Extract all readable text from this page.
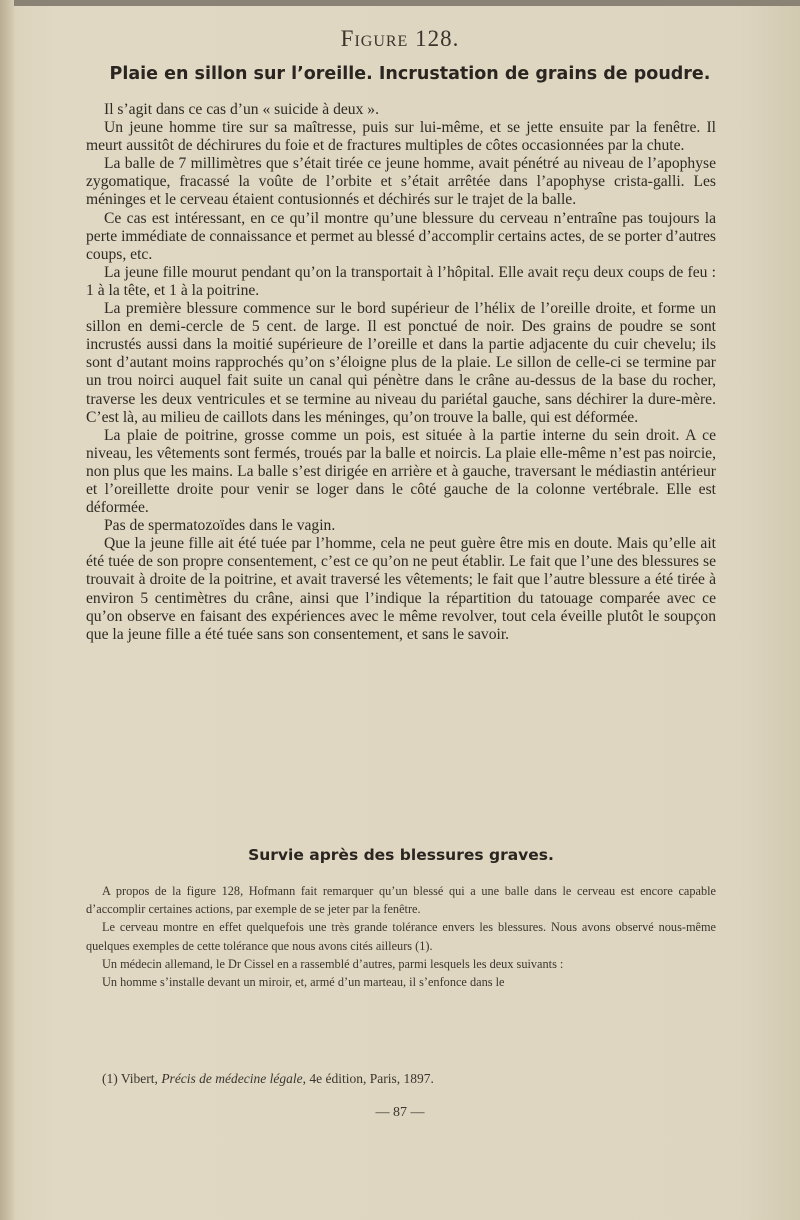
Figure 128.
Plaie en sillon sur l’oreille. Incrustation de grains de poudre.

Il s’agit dans ce cas d’un « suicide à deux ».

Un jeune homme tire sur sa maîtresse, puis sur lui-même, et se jette ensuite par la fenêtre. Il meurt aussitôt de déchirures du foie et de fractures multiples de côtes occasionnées par la chute.

La balle de 7 millimètres que s’était tirée ce jeune homme, avait pénétré au niveau de l’apophyse zygomatique, fracassé la voûte de l’orbite et s’était arrêtée dans l’apophyse crista-galli. Les méninges et le cerveau étaient contusionnés et déchirés sur le trajet de la balle.

Ce cas est intéressant, en ce qu’il montre qu’une blessure du cerveau n’entraîne pas toujours la perte immédiate de connaissance et permet au blessé d’accomplir certains actes, de se porter d’autres coups, etc.

La jeune fille mourut pendant qu’on la transportait à l’hôpital. Elle avait reçu deux coups de feu : 1 à la tête, et 1 à la poitrine.

La première blessure commence sur le bord supérieur de l’hélix de l’oreille droite, et forme un sillon en demi-cercle de 5 cent. de large. Il est ponctué de noir. Des grains de poudre se sont incrustés aussi dans la moitié supérieure de l’oreille et dans la partie adjacente du cuir chevelu; ils sont d’autant moins rapprochés qu’on s’éloigne plus de la plaie. Le sillon de celle-ci se termine par un trou noirci auquel fait suite un canal qui pénètre dans le crâne au-dessus de la base du rocher, traverse les deux ventricules et se termine au niveau du pariétal gauche, sans déchirer la dure-mère. C’est là, au milieu de caillots dans les méninges, qu’on trouve la balle, qui est déformée.

La plaie de poitrine, grosse comme un pois, est située à la partie interne du sein droit. A ce niveau, les vêtements sont fermés, troués par la balle et noircis. La plaie elle-même n’est pas noircie, non plus que les mains. La balle s’est dirigée en arrière et à gauche, traversant le médiastin antérieur et l’oreillette droite pour venir se loger dans le côté gauche de la colonne vertébrale. Elle est déformée.

Pas de spermatozoïdes dans le vagin.

Que la jeune fille ait été tuée par l’homme, cela ne peut guère être mis en doute. Mais qu’elle ait été tuée de son propre consentement, c’est ce qu’on ne peut établir. Le fait que l’une des blessures se trouvait à droite de la poitrine, et avait traversé les vêtements; le fait que l’autre blessure a été tirée à environ 5 centimètres du crâne, ainsi que l’indique la répartition du tatouage comparée avec ce qu’on observe en faisant des expériences avec le même revolver, tout cela éveille plutôt le soupçon que la jeune fille a été tuée sans son consentement, et sans le savoir.

Survie après des blessures graves.

A propos de la figure 128, Hofmann fait remarquer qu’un blessé qui a une balle dans le cerveau est encore capable d’accomplir certaines actions, par exemple de se jeter par la fenêtre.

Le cerveau montre en effet quelquefois une très grande tolérance envers les blessures. Nous avons observé nous-même quelques exemples de cette tolérance que nous avons cités ailleurs (1).

Un médecin allemand, le Dr Cissel en a rassemblé d’autres, parmi lesquels les deux suivants :

Un homme s’installe devant un miroir, et, armé d’un marteau, il s’enfonce dans le

(1) Vibert, Précis de médecine légale, 4e édition, Paris, 1897.
— 87 —
